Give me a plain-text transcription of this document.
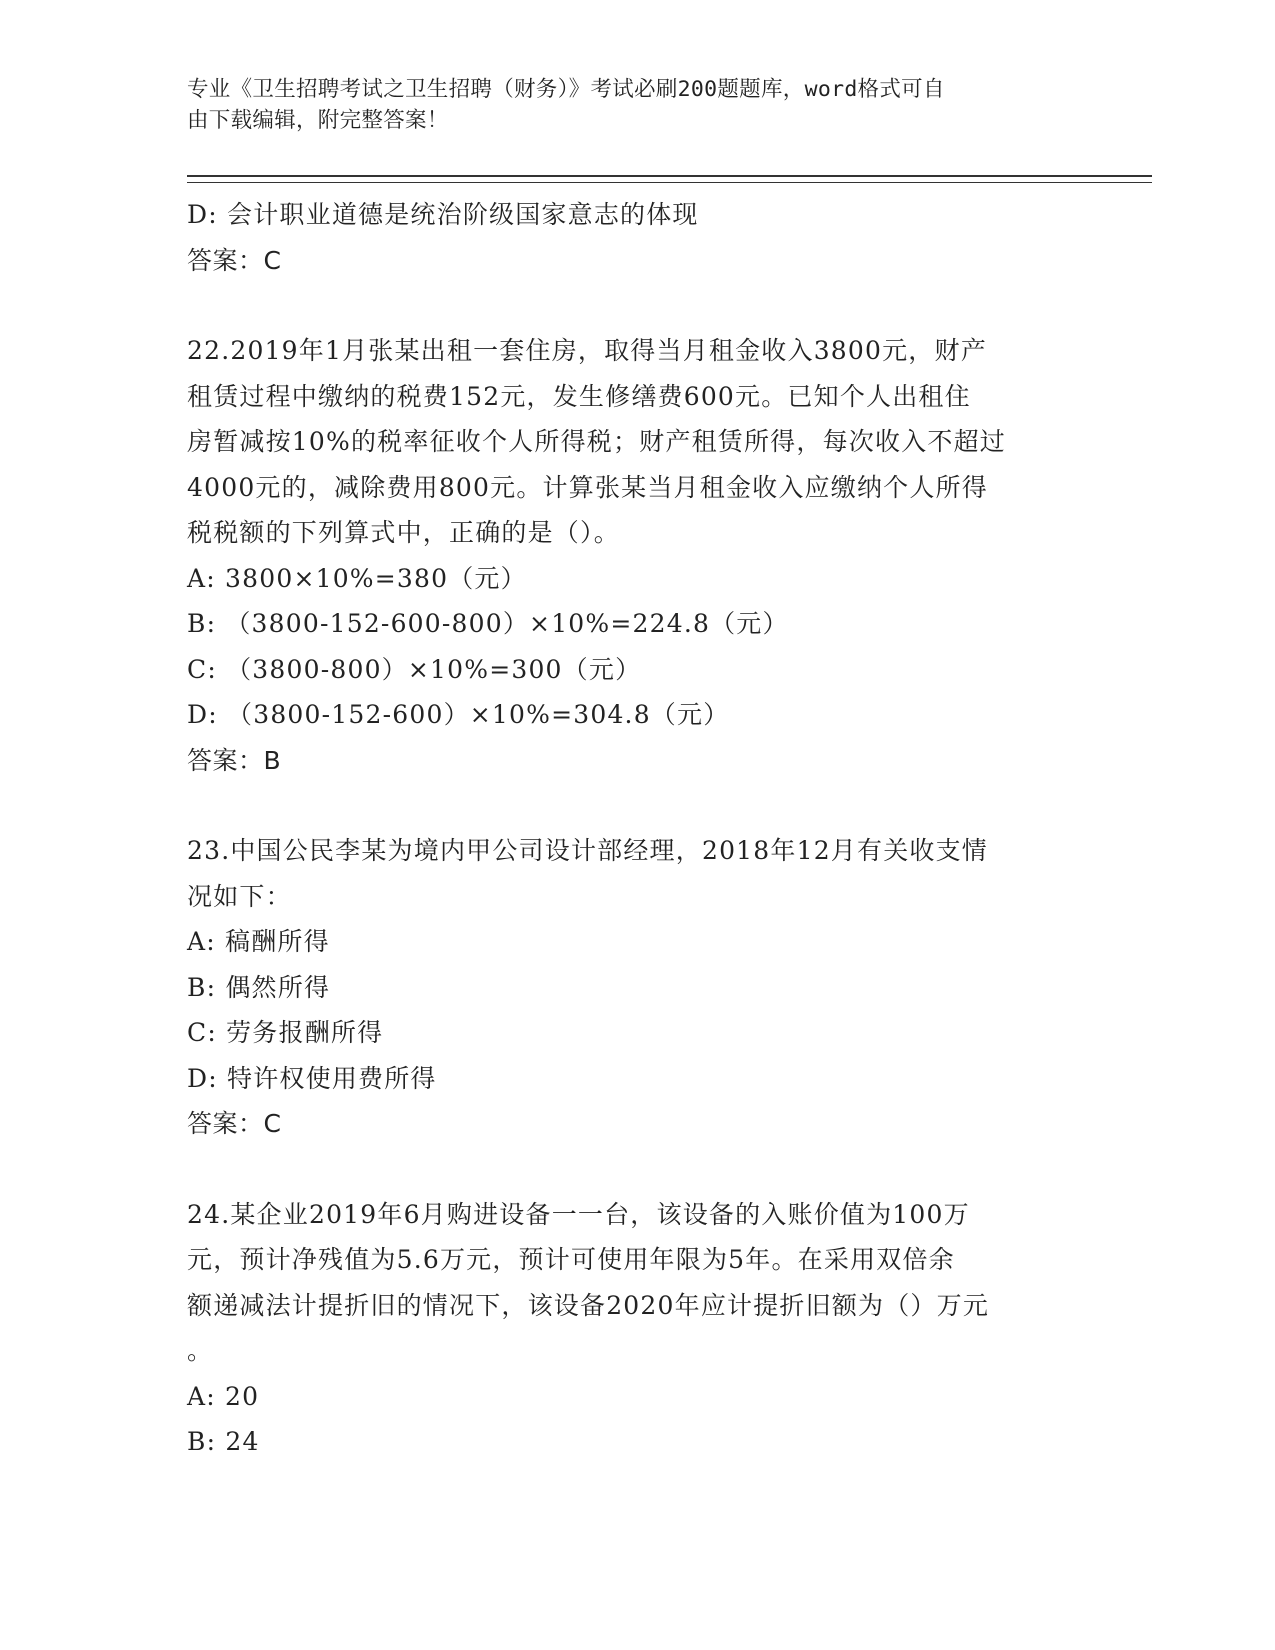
专业《卫生招聘考试之卫生招聘（财务）》考试必刷200题题库，word格式可自
由下载编辑，附完整答案！
D: 会计职业道德是统治阶级国家意志的体现
答案：C
22.2019年1月张某出租一套住房，取得当月租金收入3800元，财产
租赁过程中缴纳的税费152元，发生修缮费600元。已知个人出租住
房暂减按10%的税率征收个人所得税；财产租赁所得，每次收入不超过
4000元的，减除费用800元。计算张某当月租金收入应缴纳个人所得
税税额的下列算式中，正确的是（）。
A: 3800×10%=380（元）
B: （3800-152-600-800）×10%=224.8（元）
C: （3800-800）×10%=300（元）
D: （3800-152-600）×10%=304.8（元）
答案：B
23.中国公民李某为境内甲公司设计部经理，2018年12月有关收支情
况如下：
A: 稿酬所得
B: 偶然所得
C: 劳务报酬所得
D: 特许权使用费所得
答案：C
24.某企业2019年6月购进设备一一台，该设备的入账价值为100万
元，预计净残值为5.6万元，预计可使用年限为5年。在采用双倍余
额递减法计提折旧的情况下，该设备2020年应计提折旧额为（）万元
。
A: 20
B: 24
